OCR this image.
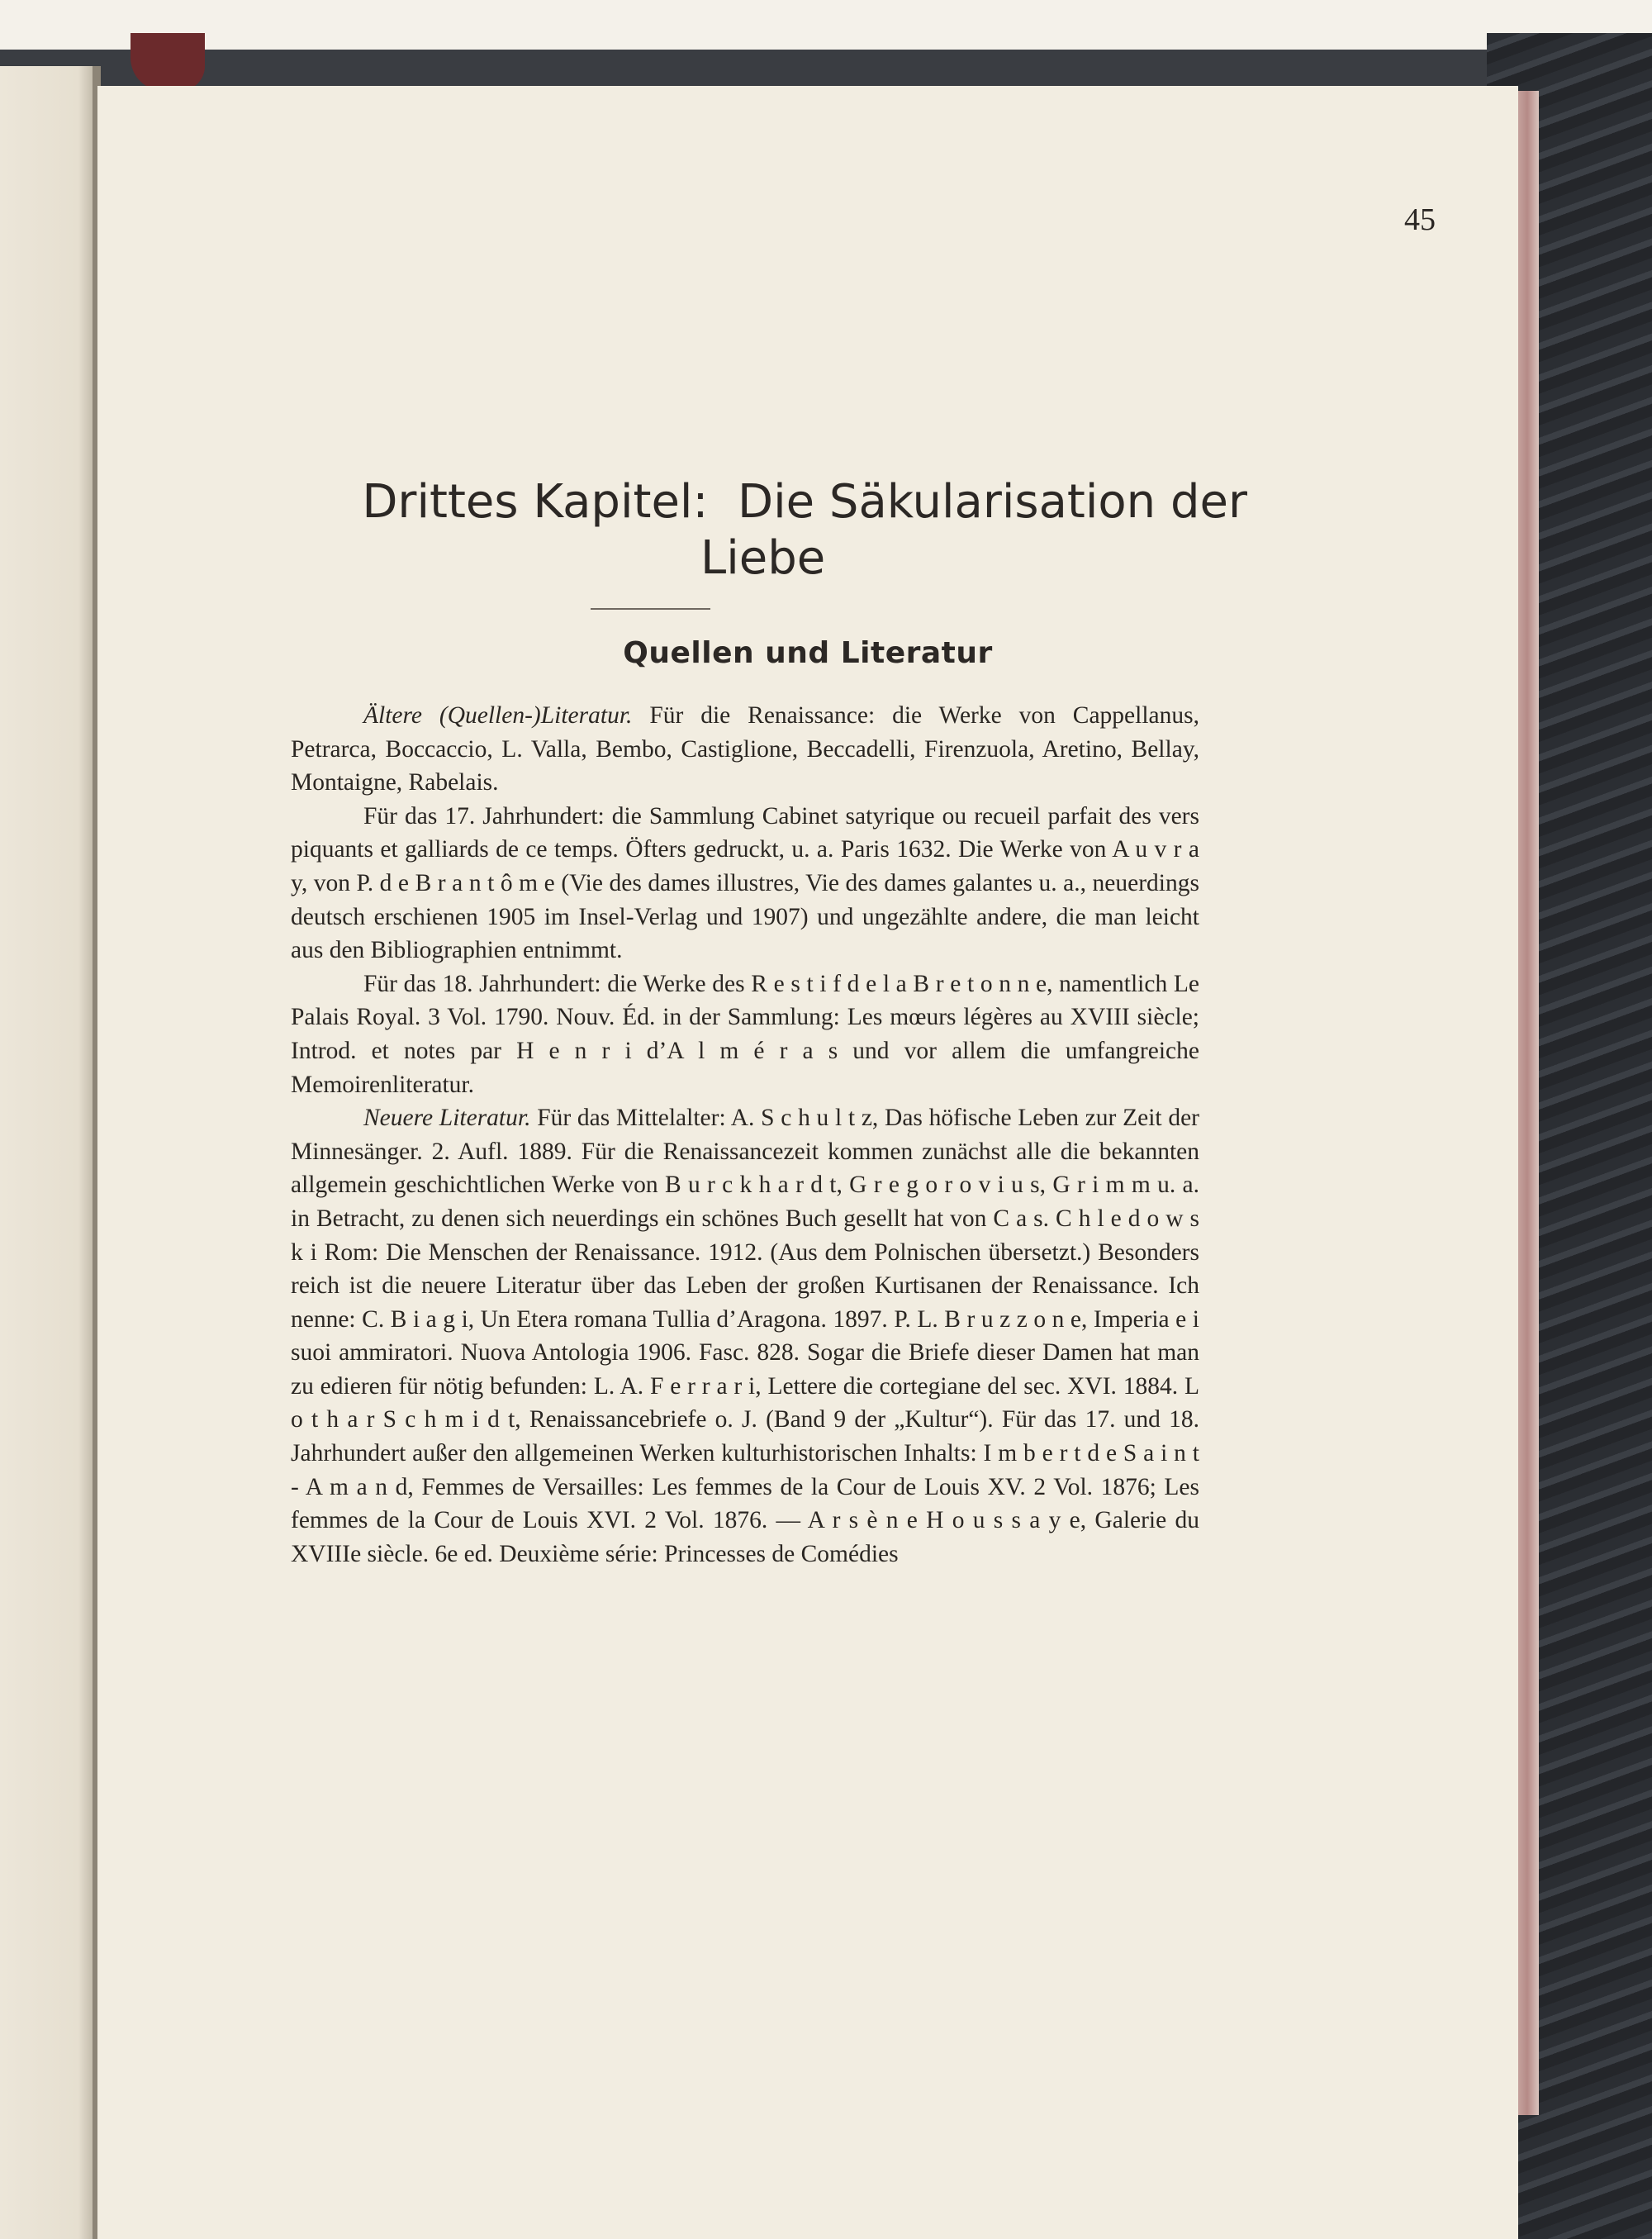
45
Drittes Kapitel:  Die Säkularisation der

Liebe
Quellen und Literatur

Ältere (Quellen-)Literatur. Für die Renaissance: die Werke von Cappellanus, Petrarca, Boccaccio, L. Valla, Bembo, Castiglione, Beccadelli, Firenzuola, Aretino, Bellay, Montaigne, Rabelais.

Für das 17. Jahrhundert: die Sammlung Cabinet satyrique ou recueil parfait des vers piquants et galliards de ce temps. Öfters gedruckt, u. a. Paris 1632. Die Werke von A u v r a y, von P. d e B r a n t ô m e (Vie des dames illustres, Vie des dames galantes u. a., neuerdings deutsch erschienen 1905 im Insel-Verlag und 1907) und ungezählte andere, die man leicht aus den Bibliographien entnimmt.

Für das 18. Jahrhundert: die Werke des R e s t i f d e l a B r e t o n n e, namentlich Le Palais Royal. 3 Vol. 1790. Nouv. Éd. in der Sammlung: Les mœurs légères au XVIII siècle; Introd. et notes par H e n r i d’A l m é r a s und vor allem die umfangreiche Memoirenliteratur.

Neuere Literatur. Für das Mittelalter: A. S c h u l t z, Das höfische Leben zur Zeit der Minnesänger. 2. Aufl. 1889. Für die Renaissancezeit kommen zunächst alle die bekannten allgemein geschichtlichen Werke von B u r c k h a r d t, G r e g o r o v i u s, G r i m m u. a. in Betracht, zu denen sich neuerdings ein schönes Buch gesellt hat von C a s. C h l e d o w s k i Rom: Die Menschen der Renaissance. 1912. (Aus dem Polnischen übersetzt.) Besonders reich ist die neuere Literatur über das Leben der großen Kurtisanen der Renaissance. Ich nenne: C. B i a g i, Un Etera romana Tullia d’Aragona. 1897. P. L. B r u z z o n e, Imperia e i suoi ammiratori. Nuova Antologia 1906. Fasc. 828. Sogar die Briefe dieser Damen hat man zu edieren für nötig befunden: L. A. F e r r a r i, Lettere die cortegiane del sec. XVI. 1884. L o t h a r S c h m i d t, Renaissancebriefe o. J. (Band 9 der „Kultur“). Für das 17. und 18. Jahrhundert außer den allgemeinen Werken kulturhistorischen Inhalts: I m b e r t d e S a i n t - A m a n d, Femmes de Versailles: Les femmes de la Cour de Louis XV. 2 Vol. 1876; Les femmes de la Cour de Louis XVI. 2 Vol. 1876. — A r s è n e H o u s s a y e, Galerie du XVIIIe siècle. 6e ed. Deuxième série: Princesses de Comédies
